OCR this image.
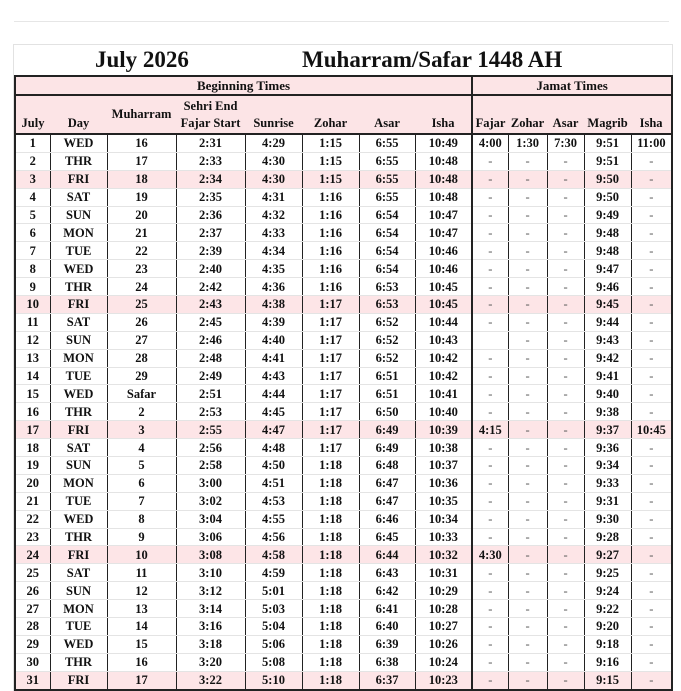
July 2026					Muharram/Safar 1448 AH							
Beginning Times								Jamat Times				
July	Day	Muharram	Sehri End
Fajar Start	Sunrise	Zohar	Asar	Isha	Fajar	Zohar	Asar	Magrib	Isha
1	WED	16	2:31	4:29	1:15	6:55	10:49	4:00	1:30	7:30	9:51	11:00
2	THR	17	2:33	4:30	1:15	6:55	10:48	-	-	-	9:51	-
3	FRI	18	2:34	4:30	1:15	6:55	10:48	-	-	-	9:50	-
4	SAT	19	2:35	4:31	1:16	6:55	10:48	-	-	-	9:50	-
5	SUN	20	2:36	4:32	1:16	6:54	10:47	-	-	-	9:49	-
6	MON	21	2:37	4:33	1:16	6:54	10:47	-	-	-	9:48	-
7	TUE	22	2:39	4:34	1:16	6:54	10:46	-	-	-	9:48	-
8	WED	23	2:40	4:35	1:16	6:54	10:46	-	-	-	9:47	-
9	THR	24	2:42	4:36	1:16	6:53	10:45	-	-	-	9:46	-
10	FRI	25	2:43	4:38	1:17	6:53	10:45	-	-	-	9:45	-
11	SAT	26	2:45	4:39	1:17	6:52	10:44	-	-	-	9:44	-
12	SUN	27	2:46	4:40	1:17	6:52	10:43		-	-	9:43	-
13	MON	28	2:48	4:41	1:17	6:52	10:42	-	-	-	9:42	-
14	TUE	29	2:49	4:43	1:17	6:51	10:42	-	-	-	9:41	-
15	WED	Safar	2:51	4:44	1:17	6:51	10:41	-	-	-	9:40	-
16	THR	2	2:53	4:45	1:17	6:50	10:40	-	-	-	9:38	-
17	FRI	3	2:55	4:47	1:17	6:49	10:39	4:15	-	-	9:37	10:45
18	SAT	4	2:56	4:48	1:17	6:49	10:38	-	-	-	9:36	-
19	SUN	5	2:58	4:50	1:18	6:48	10:37	-	-	-	9:34	-
20	MON	6	3:00	4:51	1:18	6:47	10:36	-	-	-	9:33	-
21	TUE	7	3:02	4:53	1:18	6:47	10:35	-	-	-	9:31	-
22	WED	8	3:04	4:55	1:18	6:46	10:34	-	-	-	9:30	-
23	THR	9	3:06	4:56	1:18	6:45	10:33	-	-	-	9:28	-
24	FRI	10	3:08	4:58	1:18	6:44	10:32	4:30	-	-	9:27	-
25	SAT	11	3:10	4:59	1:18	6:43	10:31	-	-	-	9:25	-
26	SUN	12	3:12	5:01	1:18	6:42	10:29	-	-	-	9:24	-
27	MON	13	3:14	5:03	1:18	6:41	10:28	-	-	-	9:22	-
28	TUE	14	3:16	5:04	1:18	6:40	10:27	-	-	-	9:20	-
29	WED	15	3:18	5:06	1:18	6:39	10:26	-	-	-	9:18	-
30	THR	16	3:20	5:08	1:18	6:38	10:24	-	-	-	9:16	-
31	FRI	17	3:22	5:10	1:18	6:37	10:23	-	-	-	9:15	-
